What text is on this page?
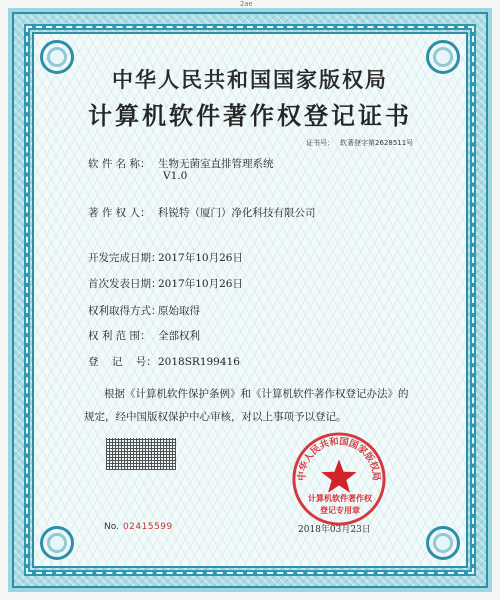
2ae
中华人民共和国国家版权局
计算机软件著作权登记证书
证书号： 软著登字第2628511号
软 件 名 称： 生物无菌室直排管理系统
V1.0
著 作 权 人： 科锐特（厦门）净化科技有限公司
开发完成日期：2017年10月26日
首次发表日期：2017年10月26日
权利取得方式：原始取得
权 利 范 围： 全部权利
登    记    号：2018SR199416
根据《计算机软件保护条例》和《计算机软件著作权登记办法》的
规定，经中国版权保护中心审核，对以上事项予以登记。
中华人民共和国国家版权局
计算机软件著作权
登记专用章
No. 02415599	2018年03月23日
